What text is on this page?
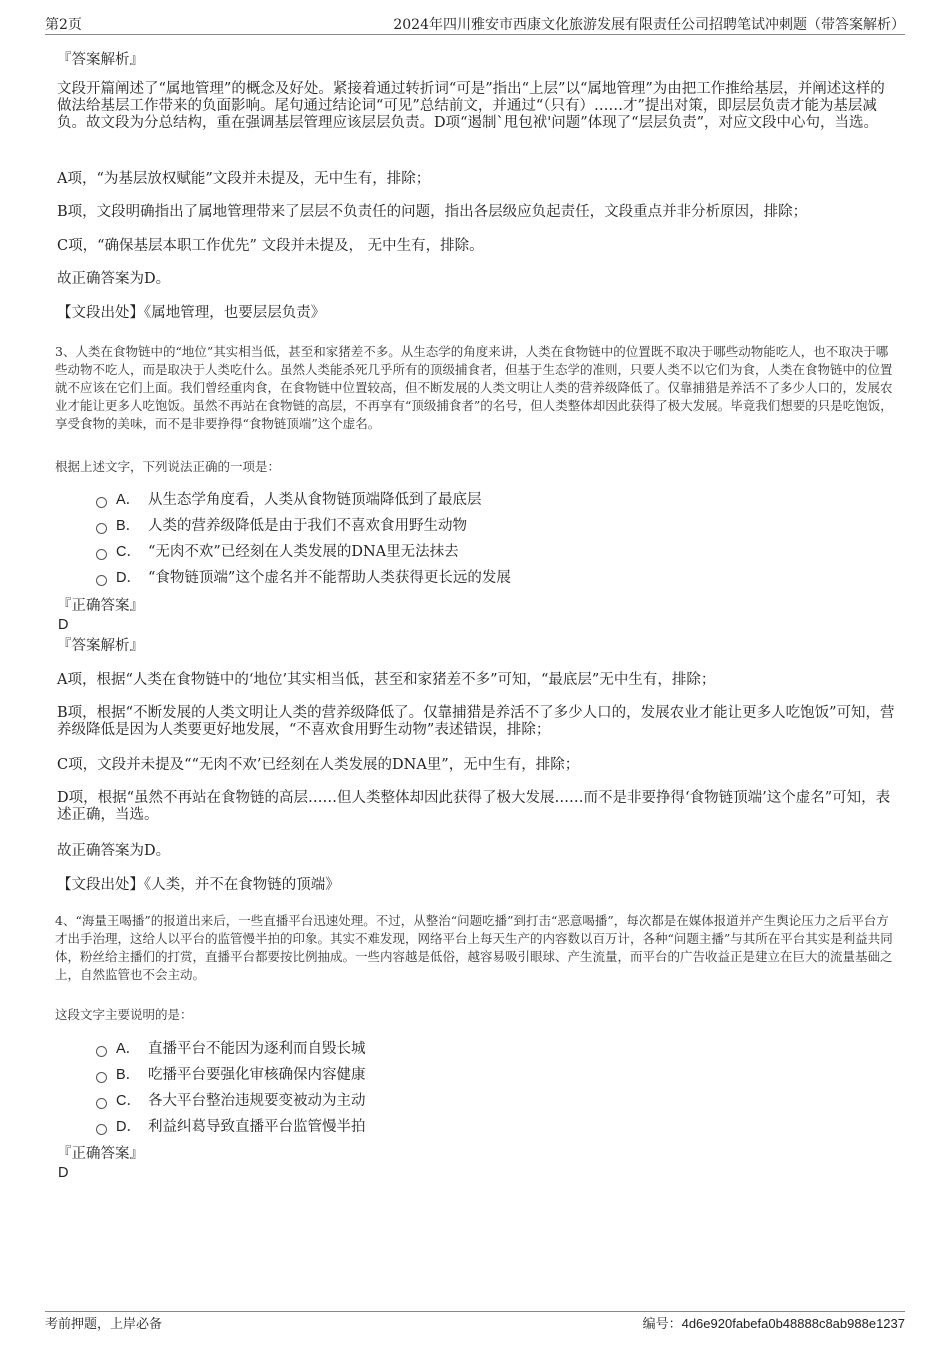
第2页	2024年四川雅安市西康文化旅游发展有限责任公司招聘笔试冲刺题（带答案解析）
『答案解析』

文段开篇阐述了“属地管理”的概念及好处。紧接着通过转折词“可是”指出“上层”以“属地管理”为由把工作推给基层，并阐述这样的做法给基层工作带来的负面影响。尾句通过结论词“可见”总结前文，并通过“（只有）……才”提出对策，即层层负责才能为基层减负。故文段为分总结构，重在强调基层管理应该层层负责。D项“遏制`甩包袱'问题”体现了“层层负责”，对应文段中心句，当选。

A项，“为基层放权赋能”文段并未提及，无中生有，排除；

B项，文段明确指出了属地管理带来了层层不负责任的问题，指出各层级应负起责任，文段重点并非分析原因，排除；

C项，“确保基层本职工作优先” 文段并未提及， 无中生有，排除。

故正确答案为D。

【文段出处】《属地管理，也要层层负责》

3、人类在食物链中的“地位”其实相当低，甚至和家猪差不多。从生态学的角度来讲，人类在食物链中的位置既不取决于哪些动物能吃人，也不取决于哪些动物不吃人，而是取决于人类吃什么。虽然人类能杀死几乎所有的顶级捕食者，但基于生态学的准则，只要人类不以它们为食，人类在食物链中的位置就不应该在它们上面。我们曾经重肉食，在食物链中位置较高，但不断发展的人类文明让人类的营养级降低了。仅靠捕猎是养活不了多少人口的，发展农业才能让更多人吃饱饭。虽然不再站在食物链的高层，不再享有“顶级捕食者”的名号，但人类整体却因此获得了极大发展。毕竟我们想要的只是吃饱饭，享受食物的美味，而不是非要挣得“食物链顶端”这个虚名。

根据上述文字，下列说法正确的一项是：

A． 从生态学角度看，人类从食物链顶端降低到了最底层
B． 人类的营养级降低是由于我们不喜欢食用野生动物
C． “无肉不欢”已经刻在人类发展的DNA里无法抹去
D． “食物链顶端”这个虚名并不能帮助人类获得更长远的发展
『正确答案』
D
『答案解析』

A项，根据“人类在食物链中的‘地位’其实相当低，甚至和家猪差不多”可知，“最底层”无中生有，排除；

B项，根据“不断发展的人类文明让人类的营养级降低了。仅靠捕猎是养活不了多少人口的，发展农业才能让更多人吃饱饭”可知，营养级降低是因为人类要更好地发展，“不喜欢食用野生动物”表述错误，排除；

C项，文段并未提及““无肉不欢’已经刻在人类发展的DNA里”，无中生有，排除；

D项，根据“虽然不再站在食物链的高层……但人类整体却因此获得了极大发展……而不是非要挣得‘食物链顶端’这个虚名”可知，表述正确，当选。

故正确答案为D。

【文段出处】《人类，并不在食物链的顶端》

4、“海量王喝播”的报道出来后，一些直播平台迅速处理。不过，从整治“问题吃播”到打击“恶意喝播”，每次都是在媒体报道并产生舆论压力之后平台方才出手治理，这给人以平台的监管慢半拍的印象。其实不难发现，网络平台上每天生产的内容数以百万计，各种“问题主播”与其所在平台其实是利益共同体，粉丝给主播们的打赏，直播平台都要按比例抽成。一些内容越是低俗，越容易吸引眼球、产生流量，而平台的广告收益正是建立在巨大的流量基础之上，自然监管也不会主动。

这段文字主要说明的是：

A． 直播平台不能因为逐利而自毁长城
B． 吃播平台要强化审核确保内容健康
C． 各大平台整治违规要变被动为主动
D． 利益纠葛导致直播平台监管慢半拍
『正确答案』
D
考前押题，上岸必备	编号：4d6e920fabefa0b48888c8ab988e1237
